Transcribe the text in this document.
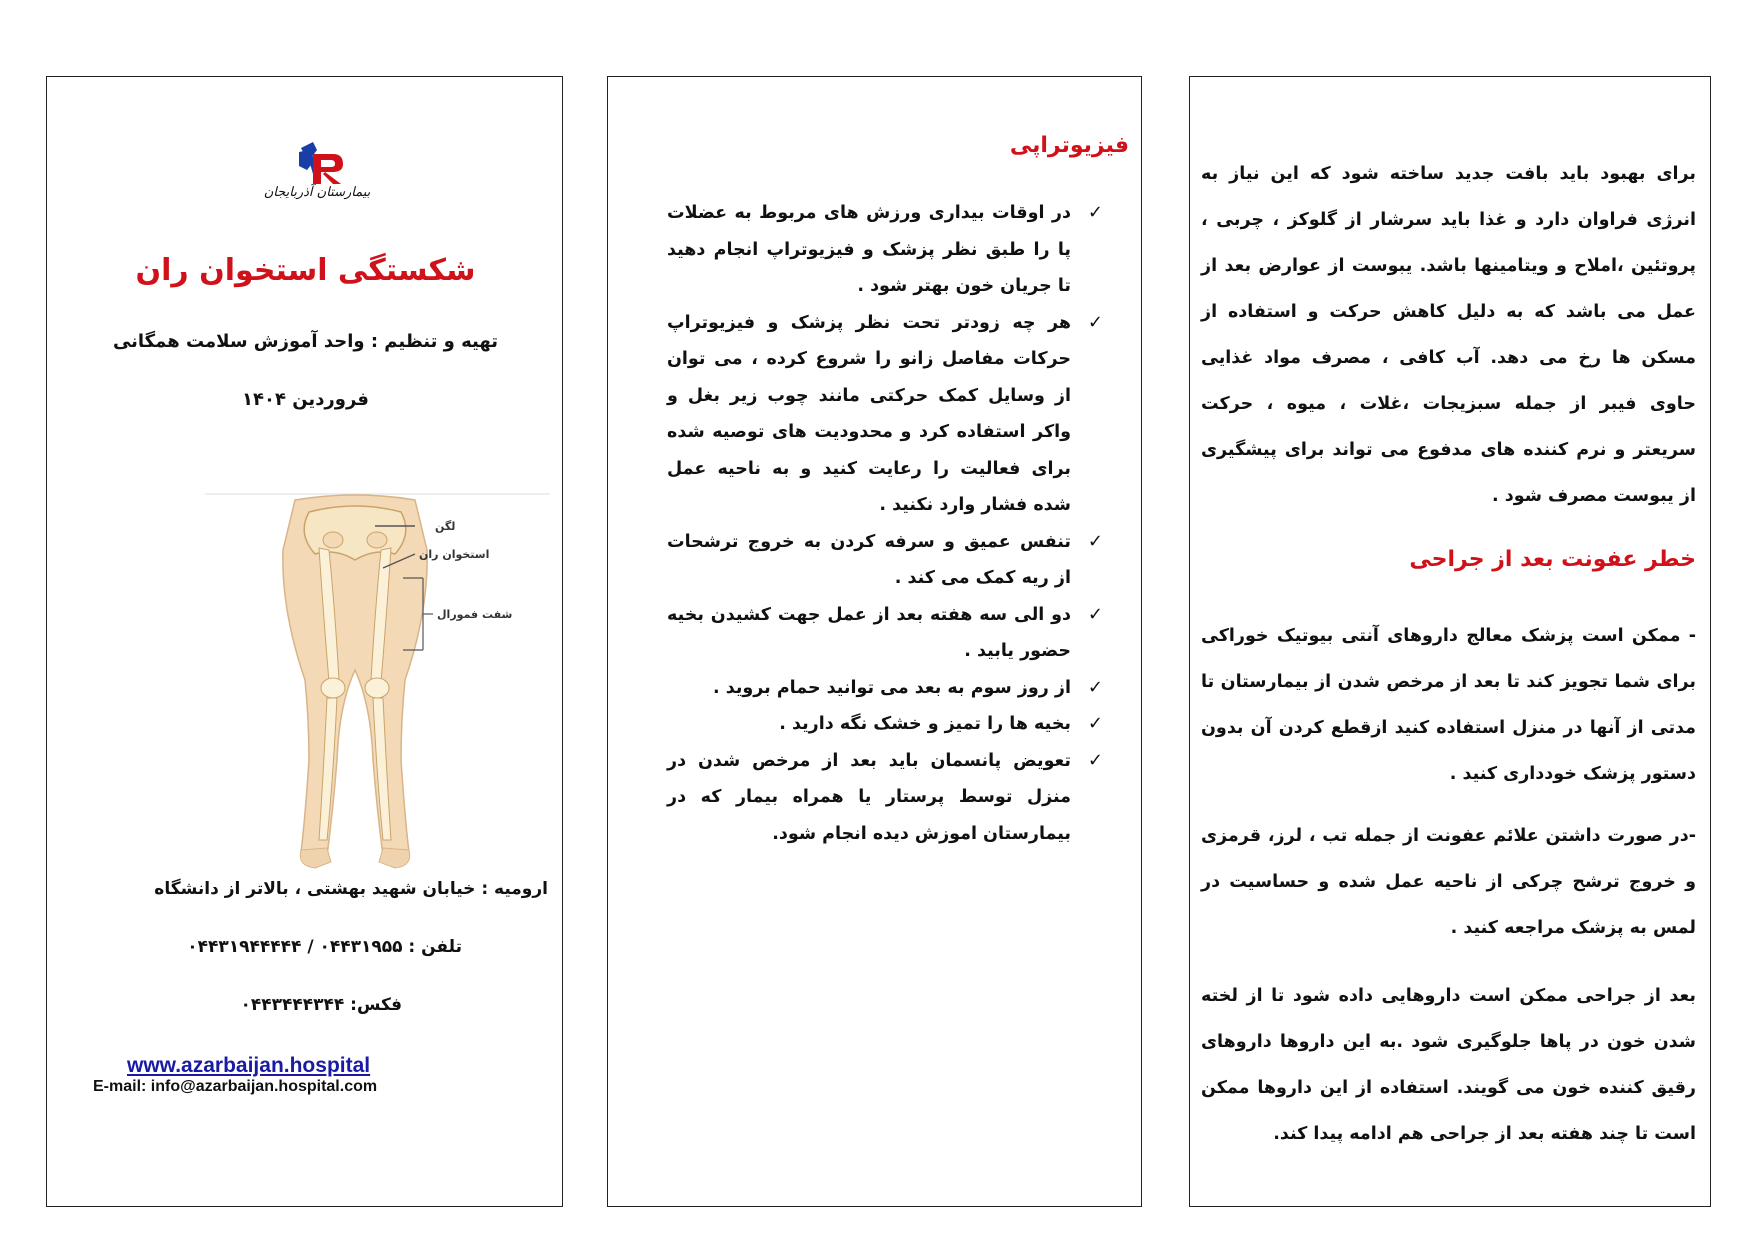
بیمارستان آذربایجان
شکستگی استخوان ران
تهیه و تنظیم : واحد آموزش سلامت همگانی
فروردین ۱۴۰۴
لگن
استخوان ران
شفت فمورال
ارومیه : خیابان شهید بهشتی ، بالاتر از دانشگاه
تلفن : ۰۴۴۳۱۹۵۵ / ۰۴۴۳۱۹۴۴۴۴۴
فکس: ۰۴۴۳۴۴۴۳۴۴
www.azarbaijan.hospital
E-mail: info@azarbaijan.hospital.com
فیزیوتراپی
✓
در اوقات بیداری ورزش های مربوط به عضلات پا را طبق نظر پزشک و فیزیوتراپ انجام دهید تا جریان خون بهتر شود .
✓
هر چه زودتر تحت نظر پزشک و فیزیوتراپ حرکات مفاصل زانو را شروع کرده ، می توان از وسایل کمک حرکتی مانند چوب زیر بغل و واکر استفاده کرد و محدودیت های توصیه شده برای فعالیت را رعایت کنید و به ناحیه عمل شده فشار وارد نکنید .
✓
تنفس عمیق و سرفه کردن به خروج ترشحات از ریه کمک می کند .
✓
دو الی سه هفته بعد از عمل جهت کشیدن بخیه حضور یابید .
✓
از روز سوم به بعد می توانید حمام بروید .
✓
بخیه ها را تمیز و خشک نگه دارید .
✓
تعویض پانسمان باید بعد از مرخص شدن در منزل توسط پرستار یا همراه بیمار که در بیمارستان اموزش دیده انجام شود.
برای بهبود باید بافت جدید ساخته شود که این نیاز به انرژی فراوان دارد و غذا باید سرشار از گلوکز ، چربی ، پروتئین ،املاح و ویتامینها باشد. یبوست از عوارض بعد از عمل می باشد که به دلیل کاهش حرکت و استفاده از مسکن ها رخ می دهد. آب کافی ، مصرف مواد غذایی حاوی فیبر از جمله سبزیجات ،غلات ، میوه ، حرکت سریعتر و نرم کننده های مدفوع می تواند برای پیشگیری از یبوست مصرف شود .
خطر عفونت بعد از جراحی
- ممکن است پزشک معالج داروهای آنتی بیوتیک خوراکی برای شما تجویز کند تا بعد از مرخص شدن از بیمارستان تا مدتی از آنها در منزل استفاده کنید ازقطع کردن آن بدون دستور پزشک خودداری کنید .
-در صورت داشتن علائم عفونت از جمله تب ، لرز، قرمزی و خروج ترشح چرکی از ناحیه عمل شده و حساسیت در لمس به پزشک مراجعه کنید .
بعد از جراحی ممکن است داروهایی داده شود تا از لخته شدن خون در پاها جلوگیری شود .به این داروها داروهای رقیق کننده خون می گویند. استفاده از این داروها ممکن است تا چند هفته بعد از جراحی هم ادامه پیدا کند.
